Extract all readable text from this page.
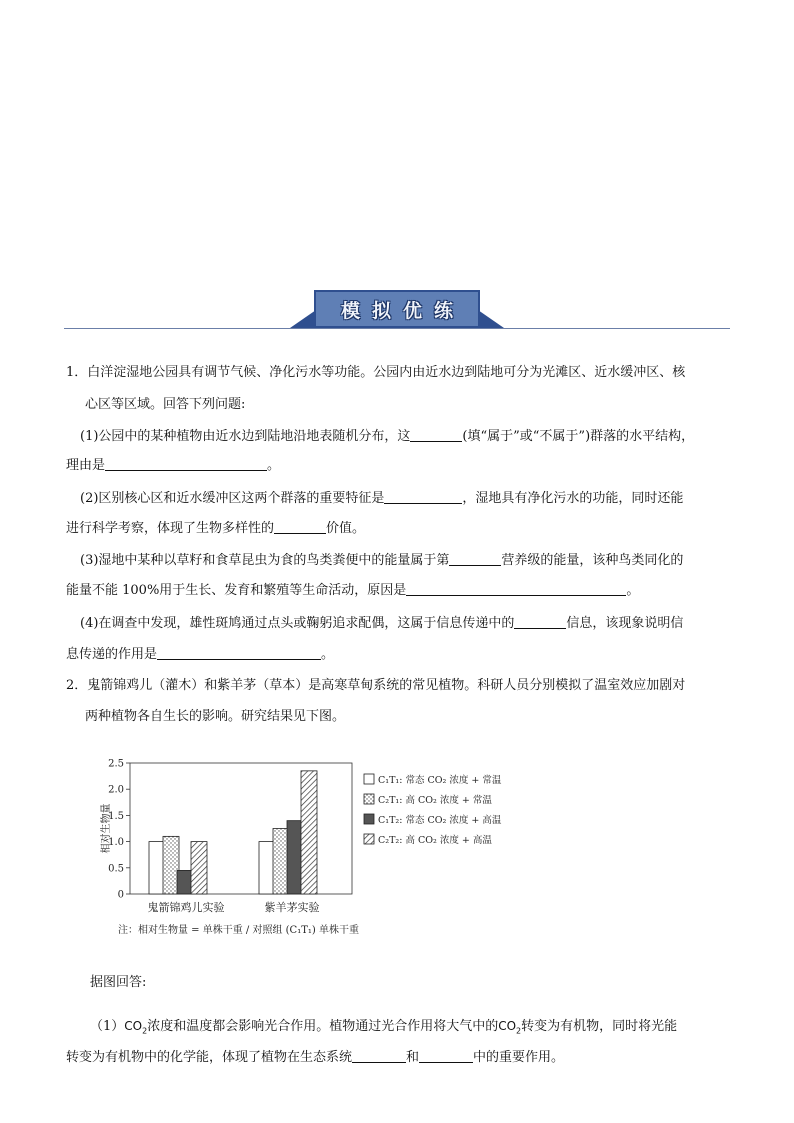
模拟优练
1．白洋淀湿地公园具有调节气候、净化污水等功能。公园内由近水边到陆地可分为光滩区、近水缓冲区、核
心区等区域。回答下列问题:
(1)公园中的某种植物由近水边到陆地沿地表随机分布，这	(填“属于”或“不属于”)群落的水平结构，
理由是	。
(2)区别核心区和近水缓冲区这两个群落的重要特征是	，湿地具有净化污水的功能，同时还能
进行科学考察，体现了生物多样性的	价值。
(3)湿地中某种以草籽和食草昆虫为食的鸟类粪便中的能量属于第	营养级的能量，该种鸟类同化的
能量不能 100%用于生长、发育和繁殖等生命活动，原因是	。
(4)在调查中发现，雄性斑鸠通过点头或鞠躬追求配偶，这属于信息传递中的	信息，该现象说明信
息传递的作用是	。
2．鬼箭锦鸡儿（灌木）和紫羊茅（草本）是高寒草甸系统的常见植物。科研人员分别模拟了温室效应加剧对
两种植物各自生长的影响。研究结果见下图。
0
0.5
1.0
1.5
2.0
2.5
相对生物量
鬼箭锦鸡儿实验	紫羊茅实验
注：相对生物量 = 单株干重 / 对照组 (C₁T₁) 单株干重
C₁T₁: 常态 CO₂ 浓度 + 常温
C₂T₁: 高 CO₂ 浓度 + 常温
C₁T₂: 常态 CO₂ 浓度 + 高温
C₂T₂: 高 CO₂ 浓度 + 高温
据图回答:
$(1)CO_2$浓度和温度都会影响光合作用。植物通过光合作用将大气中的$CO_2$转变为有机物，同时将光能
转变为有机物中的化学能，体现了植物在生态系统	和	中的重要作用。
